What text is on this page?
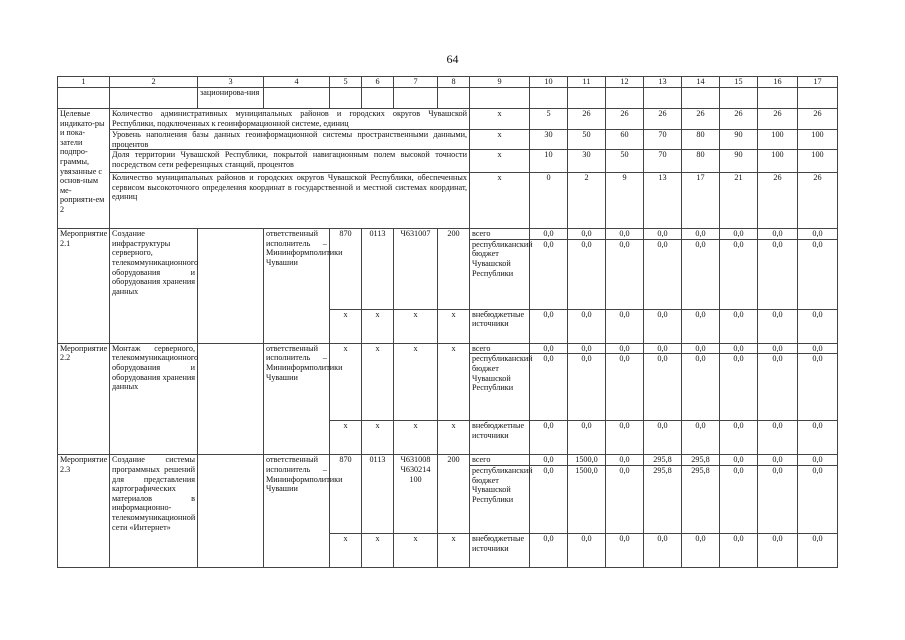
64
1	2	3	4	5	6	7	8	9	10	11	12	13	14	15	16	17
		зационирова-ния														
Целевые индикато-ры и пока-затели подпро-граммы, увязанные с основ-ным ме-роприяти-ем 2	Количество административных муниципальных районов и городских округов Чувашской Республики, подключенных к геоинформационной системе, единиц							x	5	26	26	26	26	26	26	26
	Уровень наполнения базы данных геоинформационной системы пространственными данными, процентов							x	30	50	60	70	80	90	100	100
	Доля территории Чувашской Республики, покрытой навигационным полем высокой точности посредством сети референцных станций, процентов							x	10	30	50	70	80	90	100	100
	Количество муниципальных районов и городских округов Чувашской Республики, обеспеченных сервисом высокоточного определения координат в государственной и местной системах координат, единиц							x	0	2	9	13	17	21	26	26
Мероприятие 2.1	Создание инфраструктуры серверного, телекоммуникационного оборудования и оборудования хранения данных		ответственный исполнитель – Мининформполитики Чувашии	870	0113	Ч631007	200	всего	0,0	0,0	0,0	0,0	0,0	0,0	0,0	0,0
								республиканский бюджет Чувашской Республики	0,0	0,0	0,0	0,0	0,0	0,0	0,0	0,0
				x	x	x	x	внебюджетные источники	0,0	0,0	0,0	0,0	0,0	0,0	0,0	0,0
Мероприятие 2.2	Монтаж серверного, телекоммуникационного оборудования и оборудования хранения данных		ответственный исполнитель – Мининформполитики Чувашии	x	x	x	x	всего	0,0	0,0	0,0	0,0	0,0	0,0	0,0	0,0
								республиканский бюджет Чувашской Республики	0,0	0,0	0,0	0,0	0,0	0,0	0,0	0,0
				x	x	x	x	внебюджетные источники	0,0	0,0	0,0	0,0	0,0	0,0	0,0	0,0
Мероприятие 2.3	Создание системы программных решений для представления картографических материалов в информационно-телекоммуникационной сети «Интернет»		ответственный исполнитель – Мининформполитики Чувашии	870	0113	Ч631008 Ч630214 100	200	всего	0,0	1500,0	0,0	295,8	295,8	0,0	0,0	0,0
								республиканский бюджет Чувашской Республики	0,0	1500,0	0,0	295,8	295,8	0,0	0,0	0,0
				x	x	x	x	внебюджетные источники	0,0	0,0	0,0	0,0	0,0	0,0	0,0	0,0
